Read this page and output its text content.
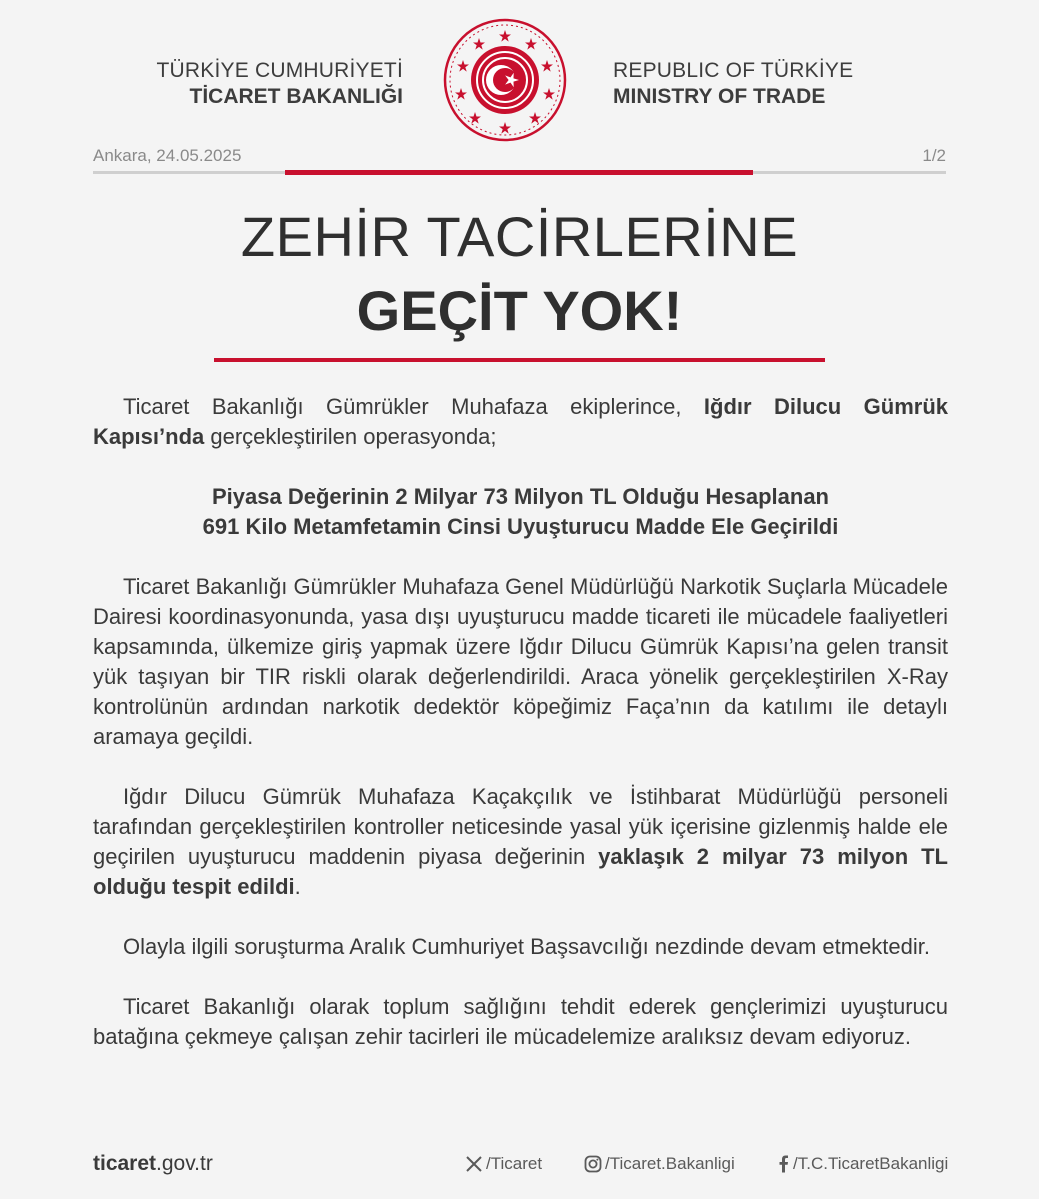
TÜRKİYE CUMHURİYETİ
TİCARET BAKANLIĞI
REPUBLIC OF TÜRKİYE
MINISTRY OF TRADE
Ankara, 24.05.2025	1/2
ZEHİR TACİRLERİNE
GEÇİT YOK!

Ticaret Bakanlığı Gümrükler Muhafaza ekiplerince, Iğdır Dilucu Gümrük Kapısı’nda gerçekleştirilen operasyonda;

Piyasa Değerinin 2 Milyar 73 Milyon TL Olduğu Hesaplanan
691 Kilo Metamfetamin Cinsi Uyuşturucu Madde Ele Geçirildi

Ticaret Bakanlığı Gümrükler Muhafaza Genel Müdürlüğü Narkotik Suçlarla Mücadele Dairesi koordinasyonunda, yasa dışı uyuşturucu madde ticareti ile mücadele faaliyetleri kapsamında, ülkemize giriş yapmak üzere Iğdır Dilucu Gümrük Kapısı’na gelen transit yük taşıyan bir TIR riskli olarak değerlendirildi. Araca yönelik gerçekleştirilen X-Ray kontrolünün ardından narkotik dedektör köpeğimiz Faça’nın da katılımı ile detaylı aramaya geçildi.

Iğdır Dilucu Gümrük Muhafaza Kaçakçılık ve İstihbarat Müdürlüğü personeli tarafından gerçekleştirilen kontroller neticesinde yasal yük içerisine gizlenmiş halde ele geçirilen uyuşturucu maddenin piyasa değerinin yaklaşık 2 milyar 73 milyon TL olduğu tespit edildi.

Olayla ilgili soruşturma Aralık Cumhuriyet Başsavcılığı nezdinde devam etmektedir.

Ticaret Bakanlığı olarak toplum sağlığını tehdit ederek gençlerimizi uyuşturucu batağına çekmeye çalışan zehir tacirleri ile mücadelemize aralıksız devam ediyoruz.

ticaret.gov.tr	/Ticaret	/Ticaret.Bakanligi	/T.C.TicaretBakanligi
